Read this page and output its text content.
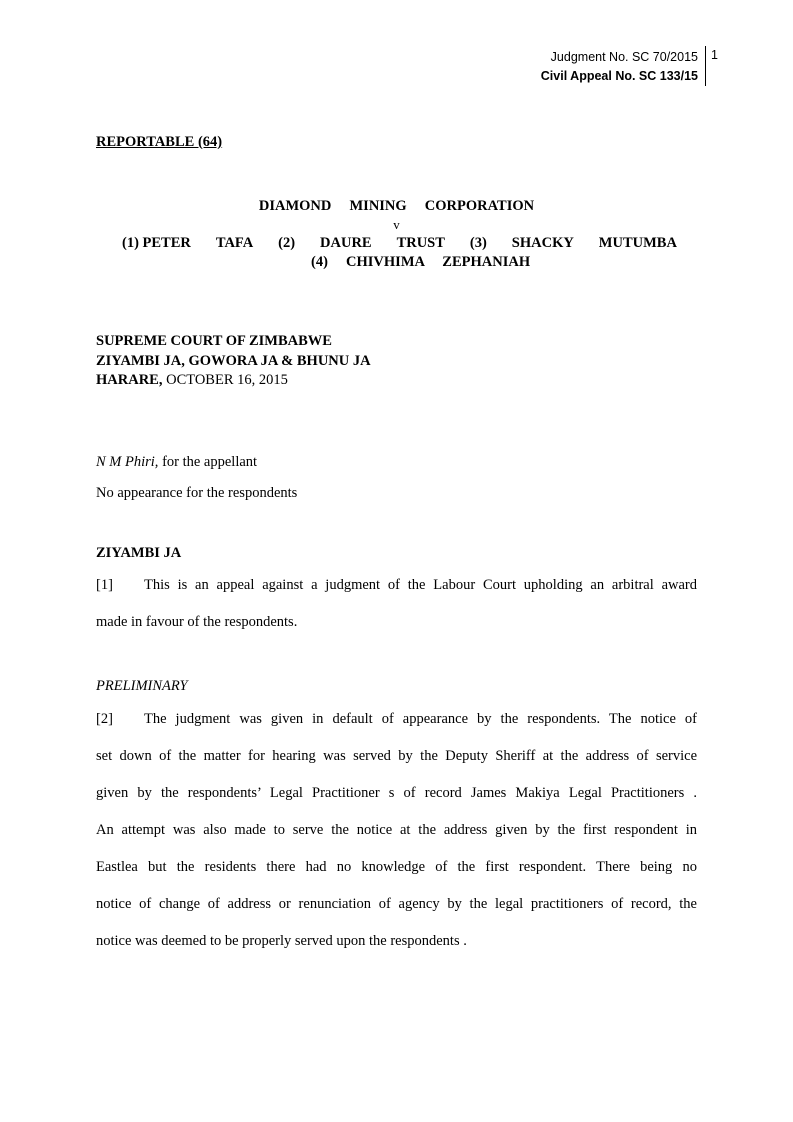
Judgment No. SC 70/2015
Civil Appeal No. SC 133/15
1
REPORTABLE (64)
DIAMOND     MINING     CORPORATION
v
(1) PETER TAFA (2) DAURE TRUST (3) SHACKY MUTUMBA
(4)     CHIVHIMA     ZEPHANIAH
SUPREME COURT OF ZIMBABWE
ZIYAMBI JA, GOWORA JA & BHUNU JA
HARARE, OCTOBER 16, 2015
N M Phiri, for the appellant
No appearance for the respondents
ZIYAMBI JA
[1]	This is an appeal against a judgment of the Labour Court upholding an arbitral award
made in favour of the respondents.
PRELIMINARY
[2]	The judgment was given in default of appearance by the respondents. The notice of
set down of the matter for hearing was served by the Deputy Sheriff at the address of service
given by the respondents’ Legal Practitioner s of record James Makiya Legal Practitioners .
An attempt was also made to serve the notice at the address given by the first respondent in
Eastlea but the residents there had no knowledge of the first respondent. There being no
notice of change of address or renunciation of agency by the legal practitioners of record, the
notice was deemed to be properly served upon the respondents .
